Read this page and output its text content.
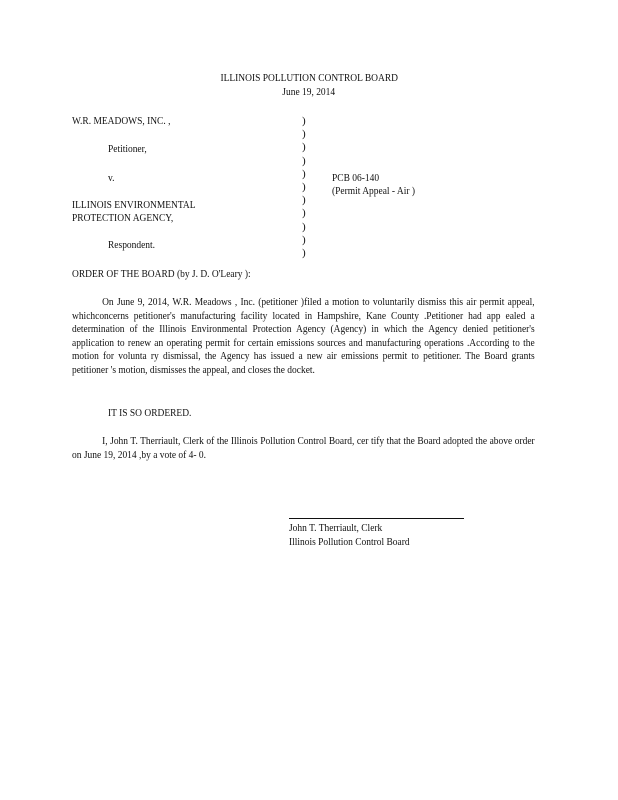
ILLINOIS POLLUTION CONTROL BOARD
June 19, 2014
W.R. MEADOWS, INC. ,
Petitioner,
v.
ILLINOIS ENVIRONMENTAL
PROTECTION AGENCY,
Respondent.
)
)
)
)
)
)
)
)
)
)
)
PCB 06-140
(Permit Appeal - Air )
ORDER OF THE BOARD (by J. D. O'Leary ):
On June 9, 2014, W.R. Meadows , Inc. (petitioner )filed a motion to voluntarily dismiss this air permit appeal, whichconcerns petitioner's manufacturing facility located in Hampshire, Kane County .Petitioner had app ealed a determination of the Illinois Environmental Protection Agency (Agency) in which the Agency denied petitioner's application to renew an operating permit for certain emissions sources and manufacturing operations .According to the motion for volunta ry dismissal, the Agency has issued a new air emissions permit to petitioner. The Board grants petitioner 's motion, dismisses the appeal, and closes the docket.
IT IS SO ORDERED.
I, John T. Therriault, Clerk of the Illinois Pollution Control Board, cer tify that the Board adopted the above order on June 19, 2014 ,by a vote of 4- 0.
John T. Therriault, Clerk
Illinois Pollution Control Board
